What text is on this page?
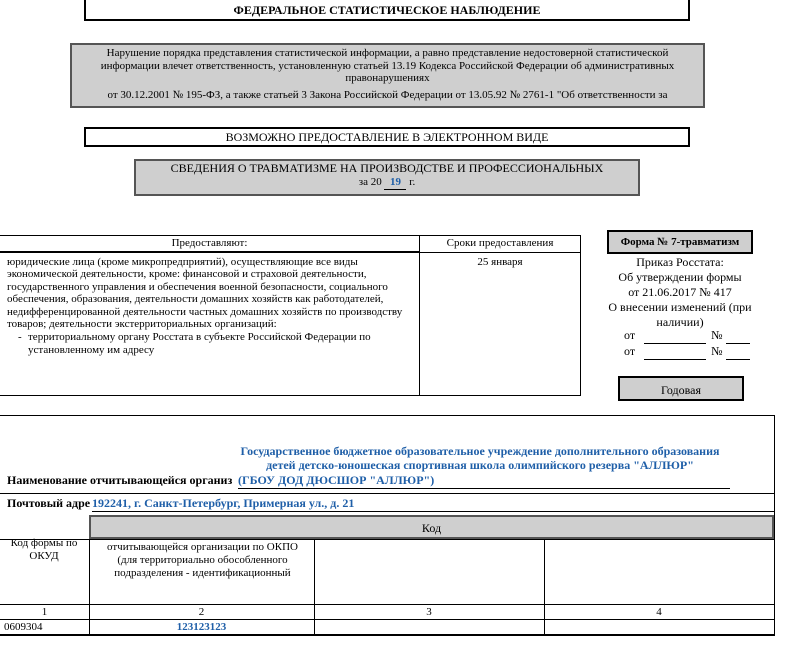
ФЕДЕРАЛЬНОЕ СТАТИСТИЧЕСКОЕ НАБЛЮДЕНИЕ
Нарушение порядка представления статистической информации, а равно представление недостоверной статистической
информации влечет ответственность, установленную статьей 13.19 Кодекса Российской Федерации об административных
правонарушениях
от 30.12.2001 № 195-ФЗ, а также статьей 3 Закона Российской Федерации от 13.05.92 № 2761-1 "Об ответственности за
ВОЗМОЖНО ПРЕДОСТАВЛЕНИЕ В ЭЛЕКТРОННОМ ВИДЕ
СВЕДЕНИЯ О ТРАВМАТИЗМЕ НА ПРОИЗВОДСТВЕ И ПРОФЕССИОНАЛЬНЫХ
за 20 19 г.
Предоставляют:	Сроки предоставления
юридические лица (кроме микропредприятий), осуществляющие все виды экономической деятельности, кроме: финансовой и страховой деятельности, государственного управления и обеспечения военной безопасности, социального обеспечения, образования, деятельности домашних хозяйств как работодателей, недифференцированной деятельности частных домашних хозяйств по производству товаров; деятельности экстерриториальных организаций:
- территориальному органу Росстата в субъекте Российской Федерации по установленному им адресу
25 января
Форма № 7-травматизм
Приказ Росстата:
Об утверждении формы
от 21.06.2017 № 417
О внесении изменений (при наличии)
от	№
от	№
Годовая
Государственное бюджетное образовательное учреждение дополнительного образования
детей детско-юношеская спортивная школа олимпийского резерва "АЛЛЮР"
Наименование отчитывающейся организ (ГБОУ ДОД ДЮСШОР "АЛЛЮР")
Почтовый адре 192241, г. Санкт-Петербург, Примерная ул., д. 21
Код
Код формы по ОКУД
отчитывающейся организации по ОКПО (для территориально обособленного подразделения - идентификационный
1	2	3	4
0609304	123123123
